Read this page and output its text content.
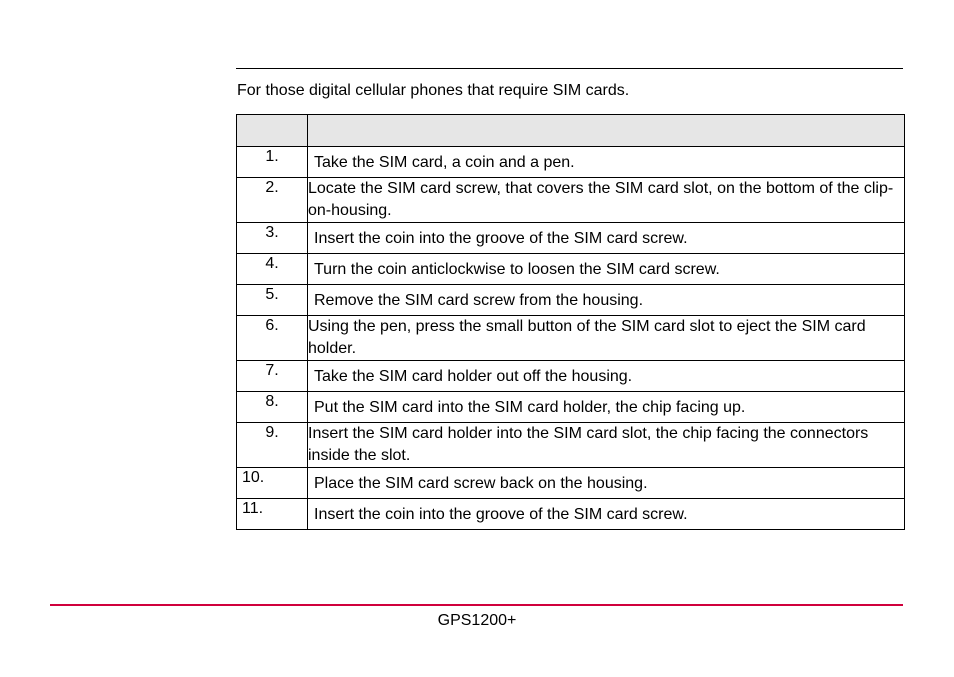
For those digital cellular phones that require SIM cards.

1.	Take the SIM card, a coin and a pen.
2.	Locate the SIM card screw, that covers the SIM card slot, on the bottom of the clip-on-housing.
3.	Insert the coin into the groove of the SIM card screw.
4.	Turn the coin anticlockwise to loosen the SIM card screw.
5.	Remove the SIM card screw from the housing.
6.	Using the pen, press the small button of the SIM card slot to eject the SIM card holder.
7.	Take the SIM card holder out off the housing.
8.	Put the SIM card into the SIM card holder, the chip facing up.
9.	Insert the SIM card holder into the SIM card slot, the chip facing the connectors inside the slot.
10.	Place the SIM card screw back on the housing.
11.	Insert the coin into the groove of the SIM card screw.
GPS1200+
